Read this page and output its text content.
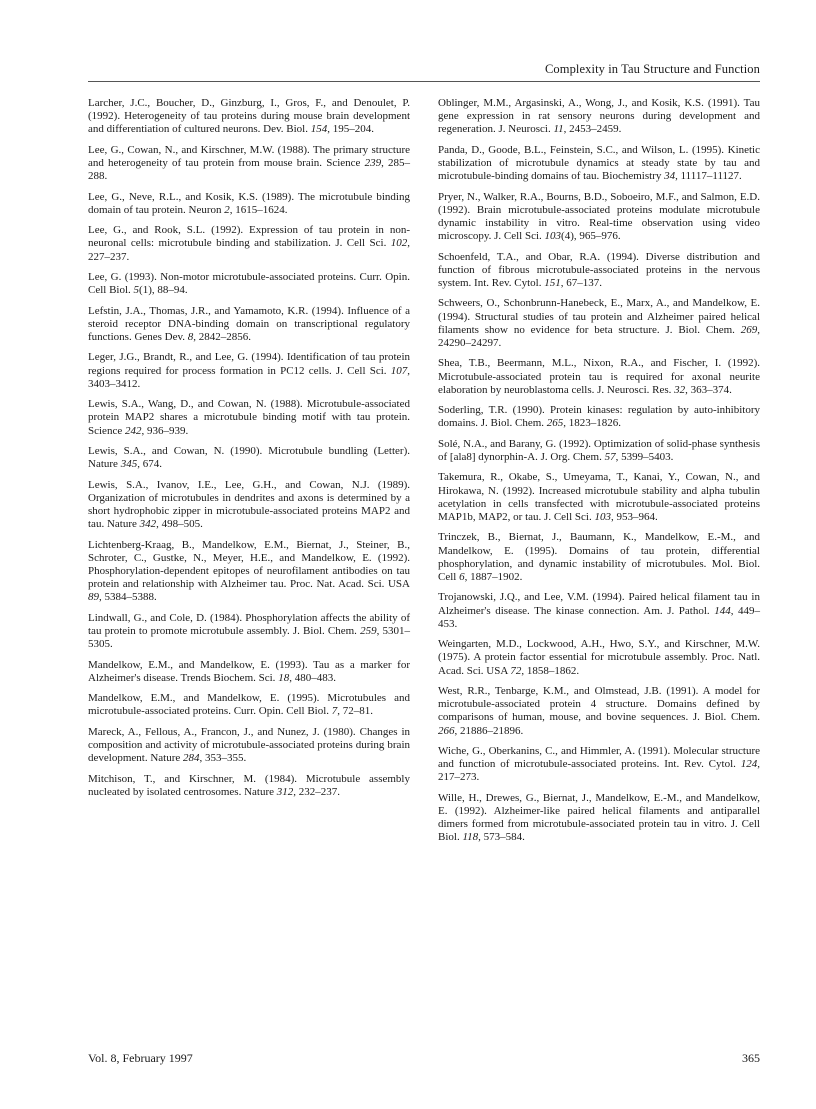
Complexity in Tau Structure and Function

Larcher, J.C., Boucher, D., Ginzburg, I., Gros, F., and Denoulet, P. (1992). Heterogeneity of tau proteins during mouse brain development and differentiation of cultured neurons. Dev. Biol. 154, 195–204.

Lee, G., Cowan, N., and Kirschner, M.W. (1988). The primary structure and heterogeneity of tau protein from mouse brain. Science 239, 285–288.

Lee, G., Neve, R.L., and Kosik, K.S. (1989). The microtubule binding domain of tau protein. Neuron 2, 1615–1624.

Lee, G., and Rook, S.L. (1992). Expression of tau protein in non-neuronal cells: microtubule binding and stabilization. J. Cell Sci. 102, 227–237.

Lee, G. (1993). Non-motor microtubule-associated proteins. Curr. Opin. Cell Biol. 5(1), 88–94.

Lefstin, J.A., Thomas, J.R., and Yamamoto, K.R. (1994). Influence of a steroid receptor DNA-binding domain on transcriptional regulatory functions. Genes Dev. 8, 2842–2856.

Leger, J.G., Brandt, R., and Lee, G. (1994). Identification of tau protein regions required for process formation in PC12 cells. J. Cell Sci. 107, 3403–3412.

Lewis, S.A., Wang, D., and Cowan, N. (1988). Microtubule-associated protein MAP2 shares a microtubule binding motif with tau protein. Science 242, 936–939.

Lewis, S.A., and Cowan, N. (1990). Microtubule bundling (Letter). Nature 345, 674.

Lewis, S.A., Ivanov, I.E., Lee, G.H., and Cowan, N.J. (1989). Organization of microtubules in dendrites and axons is determined by a short hydrophobic zipper in microtubule-associated proteins MAP2 and tau. Nature 342, 498–505.

Lichtenberg-Kraag, B., Mandelkow, E.M., Biernat, J., Steiner, B., Schroter, C., Gustke, N., Meyer, H.E., and Mandelkow, E. (1992). Phosphorylation-dependent epitopes of neurofilament antibodies on tau protein and relationship with Alzheimer tau. Proc. Nat. Acad. Sci. USA 89, 5384–5388.

Lindwall, G., and Cole, D. (1984). Phosphorylation affects the ability of tau protein to promote microtubule assembly. J. Biol. Chem. 259, 5301–5305.

Mandelkow, E.M., and Mandelkow, E. (1993). Tau as a marker for Alzheimer's disease. Trends Biochem. Sci. 18, 480–483.

Mandelkow, E.M., and Mandelkow, E. (1995). Microtubules and microtubule-associated proteins. Curr. Opin. Cell Biol. 7, 72–81.

Mareck, A., Fellous, A., Francon, J., and Nunez, J. (1980). Changes in composition and activity of microtubule-associated proteins during brain development. Nature 284, 353–355.

Mitchison, T., and Kirschner, M. (1984). Microtubule assembly nucleated by isolated centrosomes. Nature 312, 232–237.

Oblinger, M.M., Argasinski, A., Wong, J., and Kosik, K.S. (1991). Tau gene expression in rat sensory neurons during development and regeneration. J. Neurosci. 11, 2453–2459.

Panda, D., Goode, B.L., Feinstein, S.C., and Wilson, L. (1995). Kinetic stabilization of microtubule dynamics at steady state by tau and microtubule-binding domains of tau. Biochemistry 34, 11117–11127.

Pryer, N., Walker, R.A., Bourns, B.D., Soboeiro, M.F., and Salmon, E.D. (1992). Brain microtubule-associated proteins modulate microtubule dynamic instability in vitro. Real-time observation using video microscopy. J. Cell Sci. 103(4), 965–976.

Schoenfeld, T.A., and Obar, R.A. (1994). Diverse distribution and function of fibrous microtubule-associated proteins in the nervous system. Int. Rev. Cytol. 151, 67–137.

Schweers, O., Schonbrunn-Hanebeck, E., Marx, A., and Mandelkow, E. (1994). Structural studies of tau protein and Alzheimer paired helical filaments show no evidence for beta structure. J. Biol. Chem. 269, 24290–24297.

Shea, T.B., Beermann, M.L., Nixon, R.A., and Fischer, I. (1992). Microtubule-associated protein tau is required for axonal neurite elaboration by neuroblastoma cells. J. Neurosci. Res. 32, 363–374.

Soderling, T.R. (1990). Protein kinases: regulation by auto-inhibitory domains. J. Biol. Chem. 265, 1823–1826.

Solé, N.A., and Barany, G. (1992). Optimization of solid-phase synthesis of [ala8] dynorphin-A. J. Org. Chem. 57, 5399–5403.

Takemura, R., Okabe, S., Umeyama, T., Kanai, Y., Cowan, N., and Hirokawa, N. (1992). Increased microtubule stability and alpha tubulin acetylation in cells transfected with microtubule-associated proteins MAP1b, MAP2, or tau. J. Cell Sci. 103, 953–964.

Trinczek, B., Biernat, J., Baumann, K., Mandelkow, E.-M., and Mandelkow, E. (1995). Domains of tau protein, differential phosphorylation, and dynamic instability of microtubules. Mol. Biol. Cell 6, 1887–1902.

Trojanowski, J.Q., and Lee, V.M. (1994). Paired helical filament tau in Alzheimer's disease. The kinase connection. Am. J. Pathol. 144, 449–453.

Weingarten, M.D., Lockwood, A.H., Hwo, S.Y., and Kirschner, M.W. (1975). A protein factor essential for microtubule assembly. Proc. Natl. Acad. Sci. USA 72, 1858–1862.

West, R.R., Tenbarge, K.M., and Olmstead, J.B. (1991). A model for microtubule-associated protein 4 structure. Domains defined by comparisons of human, mouse, and bovine sequences. J. Biol. Chem. 266, 21886–21896.

Wiche, G., Oberkanins, C., and Himmler, A. (1991). Molecular structure and function of microtubule-associated proteins. Int. Rev. Cytol. 124, 217–273.

Wille, H., Drewes, G., Biernat, J., Mandelkow, E.-M., and Mandelkow, E. (1992). Alzheimer-like paired helical filaments and antiparallel dimers formed from microtubule-associated protein tau in vitro. J. Cell Biol. 118, 573–584.

Vol. 8, February 1997	365
